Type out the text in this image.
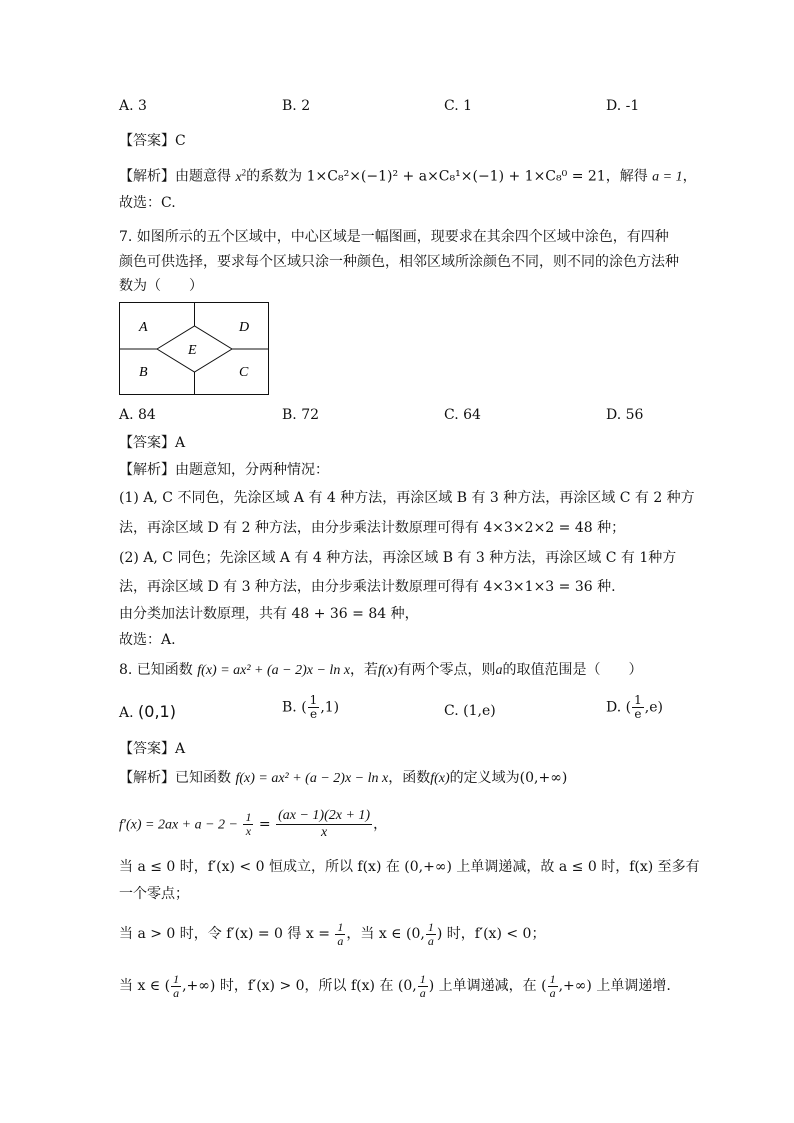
A. 3	B. 2	C. 1	D. -1
【答案】C
【解析】由题意得 $x^2$的系数为 1×C₈²×(−1)² + a×C₈¹×(−1) + 1×C₈⁰ = 21，解得 a = 1，
故选：C.
7. 如图所示的五个区域中，中心区域是一幅图画，现要求在其余四个区域中涂色，有四种
颜色可供选择，要求每个区域只涂一种颜色，相邻区域所涂颜色不同，则不同的涂色方法种
数为（　　）
A	D
E
B	C
A. 84	B. 72	C. 64	D. 56
【答案】A
【解析】由题意知，分两种情况：
(1) A, C 不同色，先涂区域 A 有 4 种方法，再涂区域 B 有 3 种方法，再涂区域 C 有 2 种方
法，再涂区域 D 有 2 种方法，由分步乘法计数原理可得有 4×3×2×2 = 48 种；
(2) A, C 同色；先涂区域 A 有 4 种方法，再涂区域 B 有 3 种方法，再涂区域 C 有 1种方
法，再涂区域 D 有 3 种方法，由分步乘法计数原理可得有 4×3×1×3 = 36 种.
由分类加法计数原理，共有 48 + 36 = 84 种，
故选：A.
8. 已知函数 f(x) = ax² + (a − 2)x − ln x，若f(x)有两个零点，则a的取值范围是（　　）
A. (0,1)	B. ( $\frac{1}{e} ,1$)	C. (1,e)	D. ( $\frac{1}{e} ,e$)
【答案】A
【解析】已知函数 f(x) = ax² + (a − 2)x − ln x，函数f(x)的定义域为(0,+∞)
$f'(x) = 2ax + a - 2 - \frac{1}{x} = \frac{(ax - 1)(2x + 1)}{x}$ ，
当 a ≤ 0 时，f′(x) < 0 恒成立，所以 f(x) 在 (0,+∞) 上单调递减，故 a ≤ 0 时，f(x) 至多有
一个零点；
当 a > 0 时，令 f′(x) = 0 得 $x = \frac{1}{a}$ ，当 x ∈ (0, $\frac{1}{a}$ ) 时，f′(x) < 0；
当 x ∈ ( $\frac{1}{a}$ ,+∞) 时，f′(x) > 0，所以 f(x) 在 (0, $\frac{1}{a}$ ) 上单调递减，在 ( $\frac{1}{a}$ ,+∞) 上单调递增.
